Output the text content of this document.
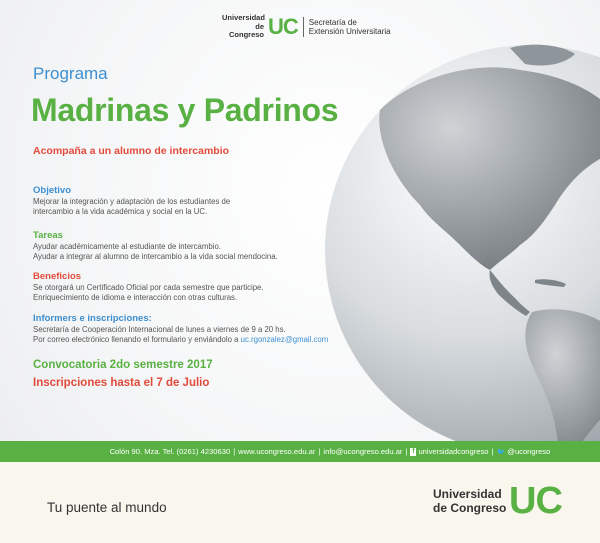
Universidad
de Congreso UC Secretaría de
Extensión Universitaria
Programa
Madrinas y Padrinos
Acompaña a un alumno de intercambio
Objetivo
Mejorar la integración y adaptación de los estudiantes de
intercambio a la vida académica y social en la UC.
Tareas
Ayudar académicamente al estudiante de intercambio.
Ayudar a integrar al alumno de intercambio a la vida social mendocina.
Beneficios
Se otorgará un Certificado Oficial por cada semestre que participe.
Enriquecimiento de idioma e interacción con otras culturas.
Informers e inscripciones:
Secretaría de Cooperación Internacional de lunes a viernes de 9 a 20 hs.
Por correo electrónico llenando el formulario y enviándolo a uc.rgonzalez@gmail.com
Convocatoria 2do semestre 2017
Inscripciones hasta el 7 de Julio
Colón 90. Mza. Tel. (0261) 4230630 | www.ucongreso.edu.ar | info@ucongreso.edu.ar | f universidadcongreso | 🐦 @ucongreso
Tu puente al mundo
Universidad
de Congreso UC
